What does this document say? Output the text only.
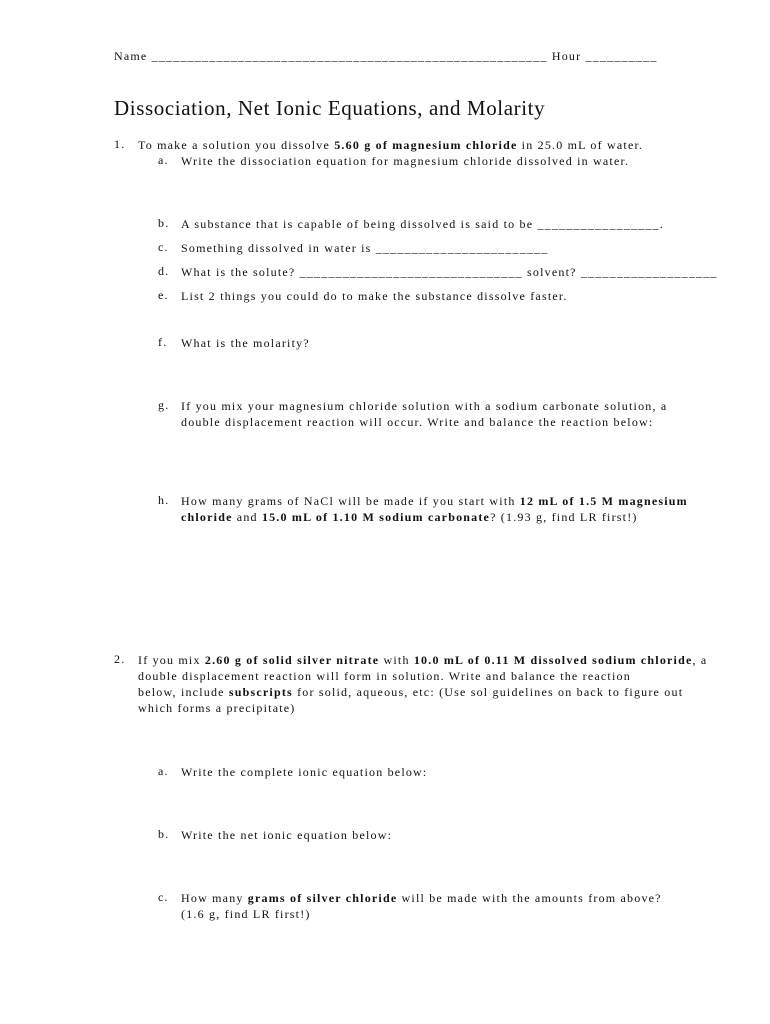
Name _______________________________________________________ Hour __________
Dissociation, Net Ionic Equations, and Molarity
1. To make a solution you dissolve 5.60 g of magnesium chloride in 25.0 mL of water.
a. Write the dissociation equation for magnesium chloride dissolved in water.
b. A substance that is capable of being dissolved is said to be _________________.
c. Something dissolved in water is ________________________
d. What is the solute? _______________________________ solvent? ___________________
e. List 2 things you could do to make the substance dissolve faster.
f. What is the molarity?
g. If you mix your magnesium chloride solution with a sodium carbonate solution, a
double displacement reaction will occur. Write and balance the reaction below:
h. How many grams of NaCl will be made if you start with 12 mL of 1.5 M magnesium
chloride and 15.0 mL of 1.10 M sodium carbonate? (1.93 g, find LR first!)
2. If you mix 2.60 g of solid silver nitrate with 10.0 mL of 0.11 M dissolved sodium chloride, a
double displacement reaction will form in solution. Write and balance the reaction
below, include subscripts for solid, aqueous, etc: (Use sol guidelines on back to figure out
which forms a precipitate)
a. Write the complete ionic equation below:
b. Write the net ionic equation below:
c. How many grams of silver chloride will be made with the amounts from above?
(1.6 g, find LR first!)
